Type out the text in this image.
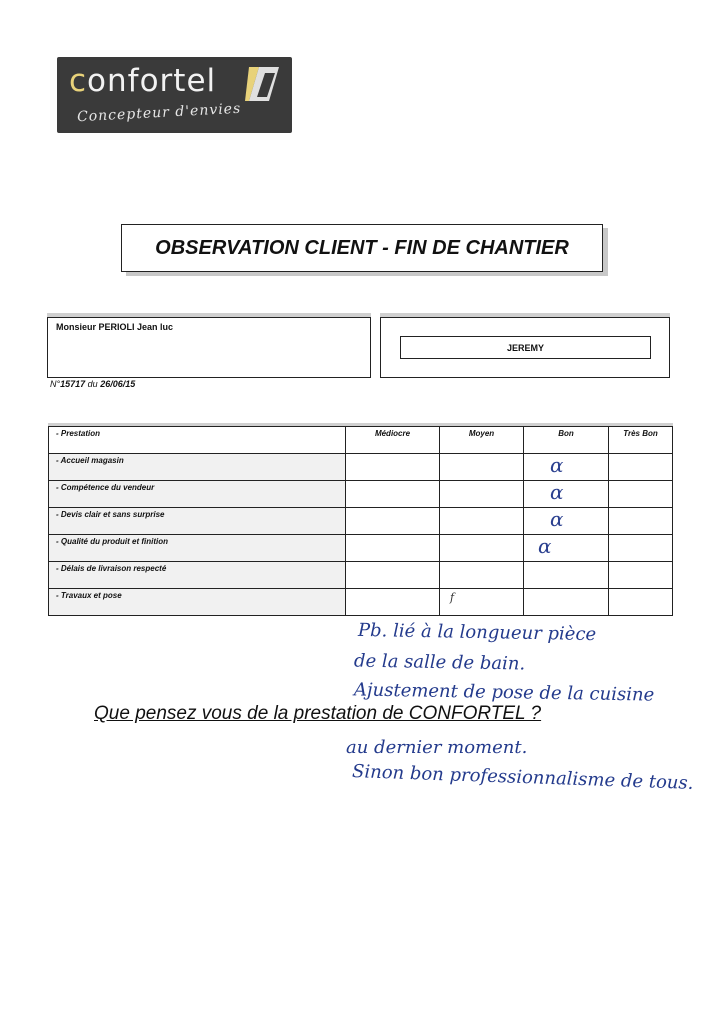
confortel
Concepteur d'envies
OBSERVATION CLIENT - FIN DE CHANTIER
Monsieur PERIOLI Jean luc
JEREMY
N°15717 du 26/06/15
- Prestation	Médiocre	Moyen	Bon	Très Bon
- Accueil magasin			α	

- Compétence du vendeur			α	

- Devis clair et sans surprise			α	

- Qualité du produit et finition			α	

- Délais de livraison respecté				
- Travaux et pose		f		

Pb. lié à la longueur pièce
de la salle de bain.
Ajustement de pose de la cuisine
Que pensez vous de la prestation de CONFORTEL ?
au dernier moment.
Sinon bon professionnalisme de tous.
